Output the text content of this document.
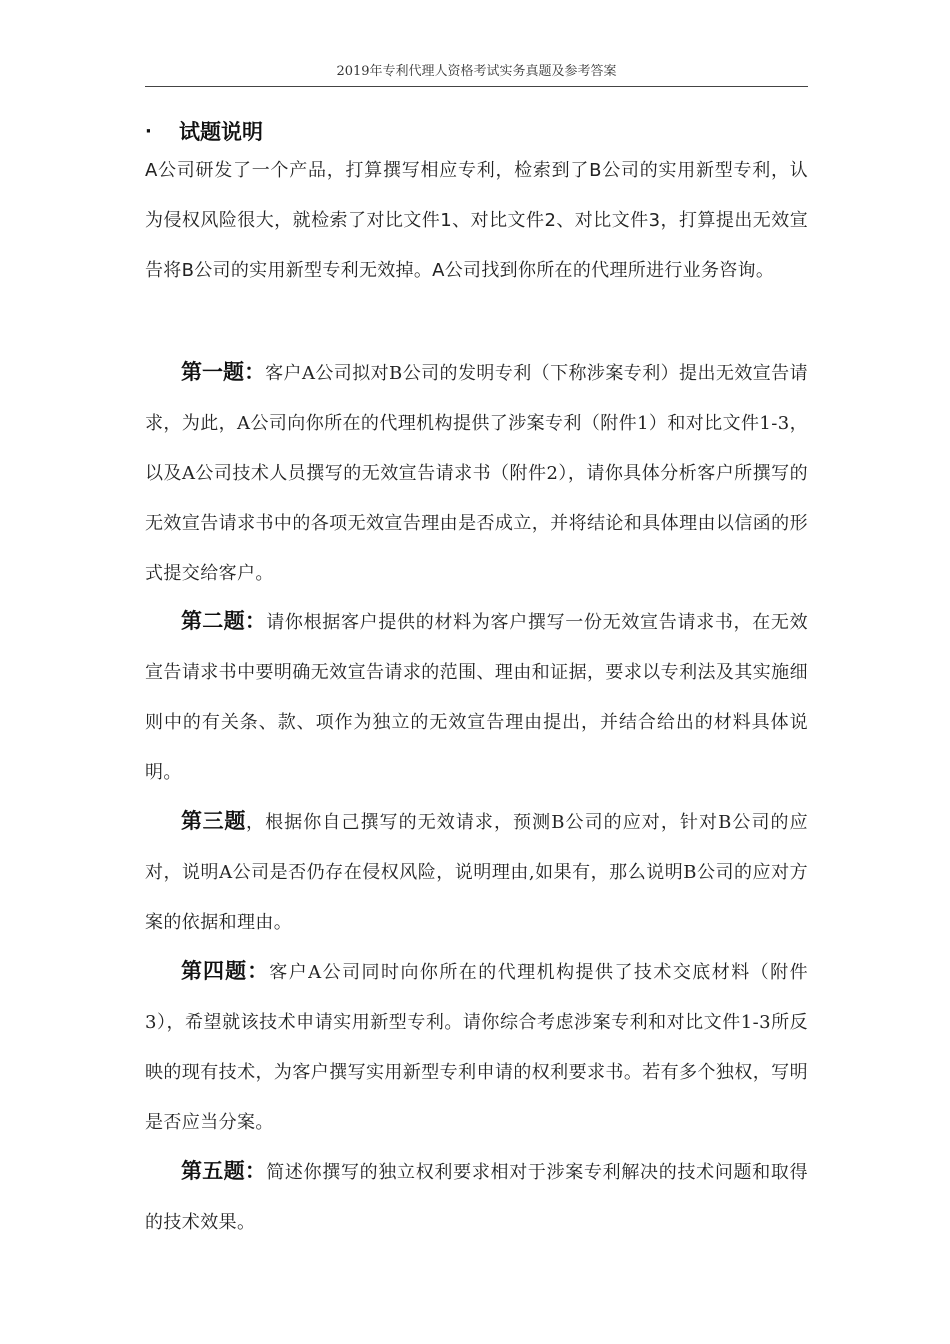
2019年专利代理人资格考试实务真题及参考答案
·	试题说明

A公司研发了一个产品，打算撰写相应专利，检索到了B公司的实用新型专利，认为侵权风险很大，就检索了对比文件1、对比文件2、对比文件3，打算提出无效宣告将B公司的实用新型专利无效掉。A公司找到你所在的代理所进行业务咨询。

第一题：客户A公司拟对B公司的发明专利（下称涉案专利）提出无效宣告请求，为此，A公司向你所在的代理机构提供了涉案专利（附件1）和对比文件1-3，以及A公司技术人员撰写的无效宣告请求书（附件2），请你具体分析客户所撰写的无效宣告请求书中的各项无效宣告理由是否成立，并将结论和具体理由以信函的形式提交给客户。

第二题：请你根据客户提供的材料为客户撰写一份无效宣告请求书，在无效宣告请求书中要明确无效宣告请求的范围、理由和证据，要求以专利法及其实施细则中的有关条、款、项作为独立的无效宣告理由提出，并结合给出的材料具体说明。

第三题，根据你自己撰写的无效请求，预测B公司的应对，针对B公司的应对，说明A公司是否仍存在侵权风险，说明理由,如果有，那么说明B公司的应对方案的依据和理由。

第四题：客户A公司同时向你所在的代理机构提供了技术交底材料（附件3），希望就该技术申请实用新型专利。请你综合考虑涉案专利和对比文件1-3所反映的现有技术，为客户撰写实用新型专利申请的权利要求书。若有多个独权，写明是否应当分案。

第五题：简述你撰写的独立权利要求相对于涉案专利解决的技术问题和取得的技术效果。
